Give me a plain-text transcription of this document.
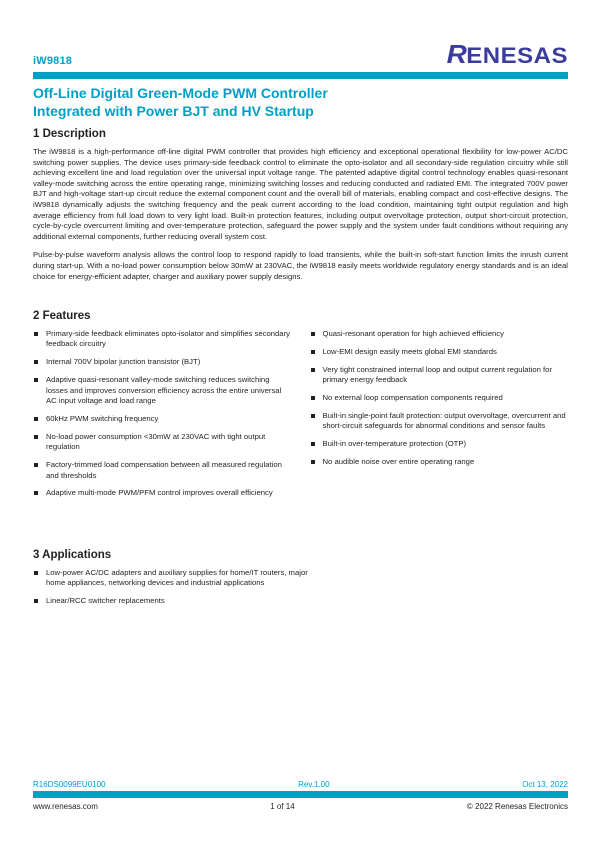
iW9818	RENESAS
Off-Line Digital Green-Mode PWM Controller
Integrated with Power BJT and HV Startup
1 Description

The iW9818 is a high-performance off-line digital PWM controller that provides high efficiency and exceptional operational flexibility for low-power AC/DC switching power supplies. The device uses primary-side feedback control to eliminate the opto-isolator and all secondary-side regulation circuitry while still achieving excellent line and load regulation over the universal input voltage range. The patented adaptive digital control technology enables quasi-resonant valley-mode switching across the entire operating range, minimizing switching losses and reducing conducted and radiated EMI. The integrated 700V power BJT and high-voltage start-up circuit reduce the external component count and the overall bill of materials, enabling compact and cost-effective designs. The iW9818 dynamically adjusts the switching frequency and the peak current according to the load condition, maintaining tight output regulation and high average efficiency from full load down to very light load. Built-in protection features, including output overvoltage protection, output short-circuit protection, cycle-by-cycle overcurrent limiting and over-temperature protection, safeguard the power supply and the system under fault conditions without requiring any additional external components, further reducing overall system cost.

Pulse-by-pulse waveform analysis allows the control loop to respond rapidly to load transients, while the built-in soft-start function limits the inrush current during start-up. With a no-load power consumption below 30mW at 230VAC, the iW9818 easily meets worldwide regulatory energy standards and is an ideal choice for energy-efficient adapter, charger and auxiliary power supply designs.

2 Features
Primary-side feedback eliminates opto-isolator and simplifies secondary feedback circuitry
Internal 700V bipolar junction transistor (BJT)
Adaptive quasi-resonant valley-mode switching reduces switching losses and improves conversion efficiency across the entire universal AC input voltage and load range
60kHz PWM switching frequency
No-load power consumption <30mW at 230VAC with tight output regulation
Factory-trimmed load compensation between all measured regulation and thresholds
Adaptive multi-mode PWM/PFM control improves overall efficiency
Quasi-resonant operation for high achieved efficiency
Low-EMI design easily meets global EMI standards
Very tight constrained internal loop and output current regulation for primary energy feedback
No external loop compensation components required
Built-in single-point fault protection: output overvoltage, overcurrent and short-circuit safeguards for abnormal conditions and sensor faults
Built-in over-temperature protection (OTP)
No audible noise over entire operating range
3 Applications
Low-power AC/DC adapters and auxiliary supplies for home/IT routers, major home appliances, networking devices and industrial applications
Linear/RCC switcher replacements
R16DS0099EU0100	Rev.1.00	Oct 13, 2022
www.renesas.com	1 of 14	© 2022 Renesas Electronics
